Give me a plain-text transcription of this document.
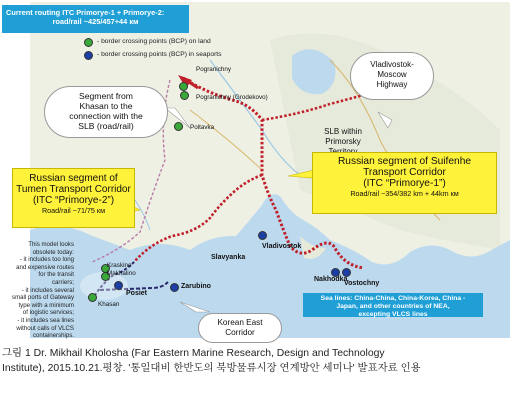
Current routing ITC Primorye-1 + Primorye-2:
road/rail ~425/457+44 км
- border crossing points (BCP) on land
- border crossing points (BCP) in seaports
Segment from
Khasan to the
connection with the
SLB (road/rail)
Vladivostok-
Moscow
Highway
SLB within
Primorsky
Russian segment of Suifenhe
Transport Corridor
(ITC “Primorye-1”)
Road/rail ~354/382 km + 44km км
Russian segment of
Tumen Transport Corridor
(ITC “Primorye-2”)
Road/rail ~71/75 км
Korean East
Corridor
This model looks
obsolete today:
- it includes too long
and expensive routes
for the transit
carriers;
- it includes several
small ports of Gateway
type with a minimum
of logistic services;
- it includes sea lines
without calls of VLCS
containerships.
Sea lines: China-China, China-Korea, China -
Japan, and other countries of NEA,
excepting VLCS lines
Pogranichny
Pogranichny (Grodekovo)
Poltavka
Vladivostok
Slavyanka
Nakhodka
Vostochny
Kraskino
Makhalino
Posiet
Zarubino
Khasan
그림 1 Dr. Mikhail Kholosha (Far Eastern Marine Research, Design and Technology
Institute), 2015.10.21.평창. '통일대비 한반도의 북방물류시장 연계방안 세미나' 발표자료 인용
